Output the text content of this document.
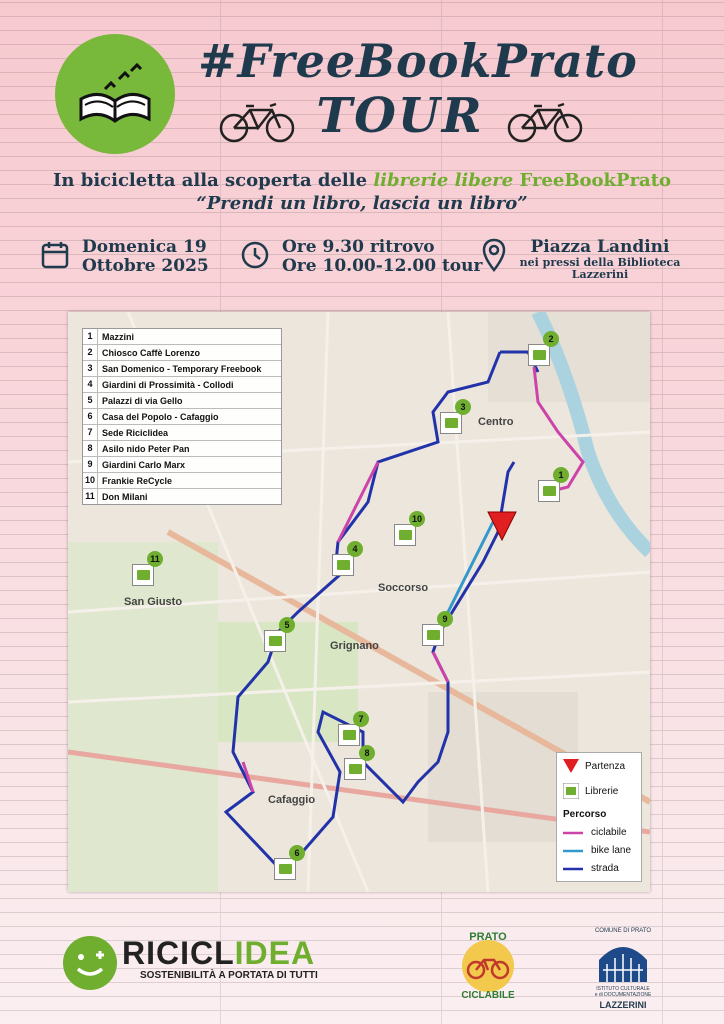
#FreeBookPrato
TOUR
In bicicletta alla scoperta delle librerie libere FreeBookPrato
“Prendi un libro, lascia un libro”
Domenica 19
Ottobre 2025
Ore 9.30 ritrovo
Ore 10.00-12.00 tour
Piazza Landini
nei pressi della Biblioteca
Lazzerini
1
2
3
4
5
6
7
8
9
10
11
Centro
Soccorso
San Giusto
Grignano
Cafaggio
1	Mazzini
2	Chiosco Caffè Lorenzo
3	San Domenico - Temporary Freebook
4	Giardini di Prossimità - Collodi
5	Palazzi di via Gello
6	Casa del Popolo - Cafaggio
7	Sede Riciclidea
8	Asilo nido Peter Pan
9	Giardini Carlo Marx
10 Frankie ReCycle
11 Don Milani
Partenza
Librerie
Percorso
ciclabile
bike lane
strada
RICICLIDEA
SOSTENIBILITÀ A PORTATA DI TUTTI
PRATO
CICLABILE
COMUNE DI PRATO
ISTITUTO CULTURALE
e di DOCUMENTAZIONE
LAZZERINI
